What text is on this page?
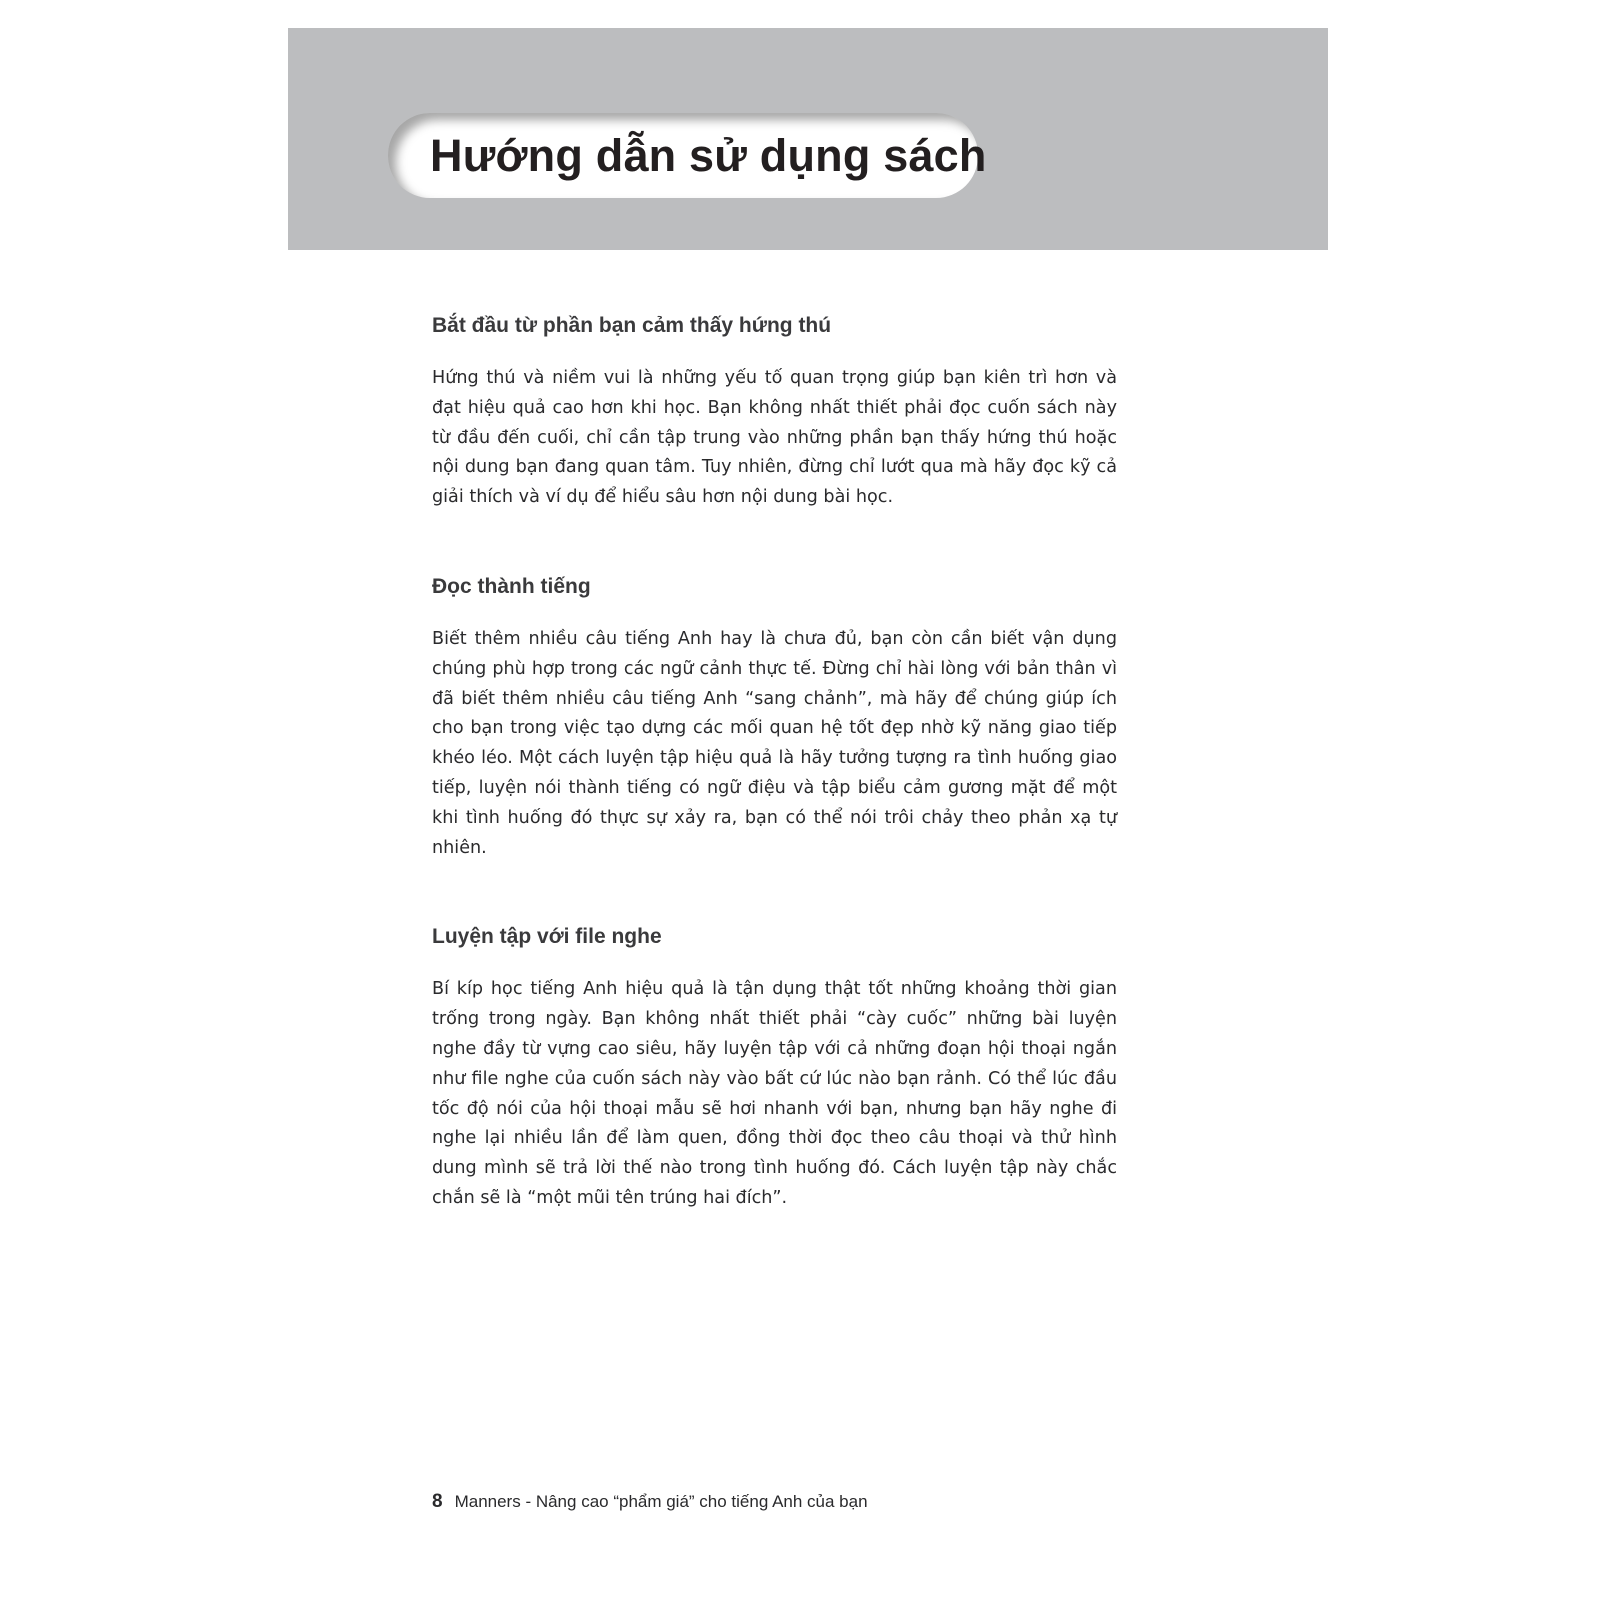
Hướng dẫn sử dụng sách
Bắt đầu từ phần bạn cảm thấy hứng thú

Hứng thú và niềm vui là những yếu tố quan trọng giúp bạn kiên trì hơn và đạt hiệu quả cao hơn khi học. Bạn không nhất thiết phải đọc cuốn sách này từ đầu đến cuối, chỉ cần tập trung vào những phần bạn thấy hứng thú hoặc nội dung bạn đang quan tâm. Tuy nhiên, đừng chỉ lướt qua mà hãy đọc kỹ cả giải thích và ví dụ để hiểu sâu hơn nội dung bài học.

Đọc thành tiếng

Biết thêm nhiều câu tiếng Anh hay là chưa đủ, bạn còn cần biết vận dụng chúng phù hợp trong các ngữ cảnh thực tế. Đừng chỉ hài lòng với bản thân vì đã biết thêm nhiều câu tiếng Anh “sang chảnh”, mà hãy để chúng giúp ích cho bạn trong việc tạo dựng các mối quan hệ tốt đẹp nhờ kỹ năng giao tiếp khéo léo. Một cách luyện tập hiệu quả là hãy tưởng tượng ra tình huống giao tiếp, luyện nói thành tiếng có ngữ điệu và tập biểu cảm gương mặt để một khi tình huống đó thực sự xảy ra, bạn có thể nói trôi chảy theo phản xạ tự nhiên.

Luyện tập với file nghe

Bí kíp học tiếng Anh hiệu quả là tận dụng thật tốt những khoảng thời gian trống trong ngày. Bạn không nhất thiết phải “cày cuốc” những bài luyện nghe đầy từ vựng cao siêu, hãy luyện tập với cả những đoạn hội thoại ngắn như file nghe của cuốn sách này vào bất cứ lúc nào bạn rảnh. Có thể lúc đầu tốc độ nói của hội thoại mẫu sẽ hơi nhanh với bạn, nhưng bạn hãy nghe đi nghe lại nhiều lần để làm quen, đồng thời đọc theo câu thoại và thử hình dung mình sẽ trả lời thế nào trong tình huống đó. Cách luyện tập này chắc chắn sẽ là “một mũi tên trúng hai đích”.

8 Manners - Nâng cao “phẩm giá” cho tiếng Anh của bạn
